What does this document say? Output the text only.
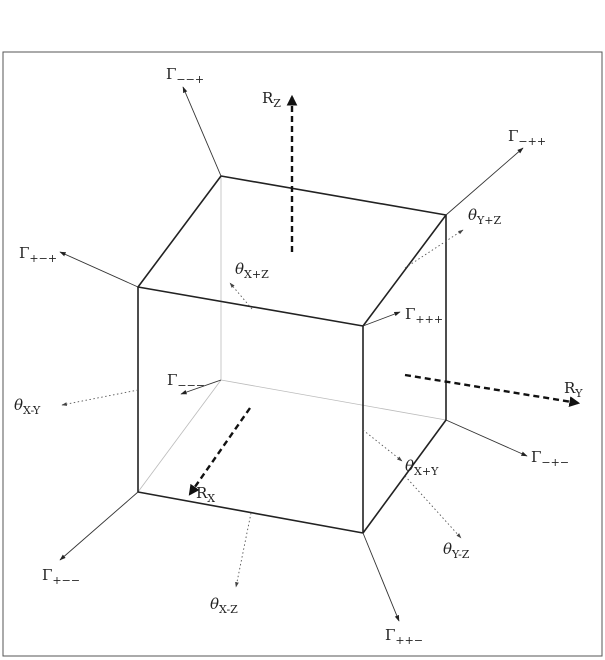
$\Gamma_{--+}$
$\Gamma_{-++}$
$\Gamma_{+-+}$
$\Gamma_{+++}$
$\Gamma_{---}$
$\Gamma_{-+-}$
$\Gamma_{+--}$
$\Gamma_{++-}$
$\theta_{Y+Z}$
$\theta_{X+Z}$
$\theta_{X-Y}$
$\theta_{X+Y}$
$\theta_{Y-Z}$
$\theta_{X-Z}$
$R_Z$
$R_Y$
$R_X$
